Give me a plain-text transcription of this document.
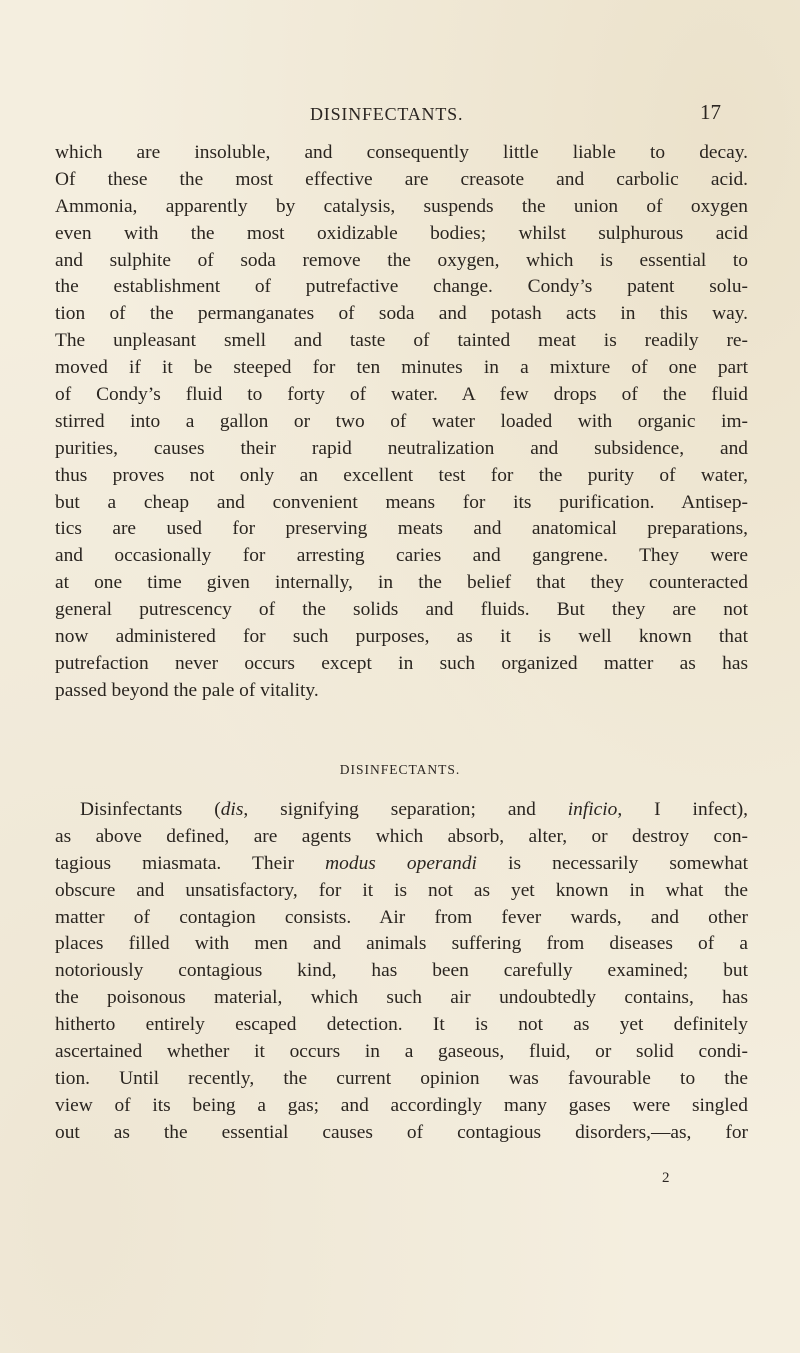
DISINFECTANTS.	17
which are insoluble, and consequently little liable to decay.
Of these the most effective are creasote and carbolic acid.
Ammonia, apparently by catalysis, suspends the union of oxygen
even with the most oxidizable bodies; whilst sulphurous acid
and sulphite of soda remove the oxygen, which is essential to
the establishment of putrefactive change. Condy’s patent solu-
tion of the permanganates of soda and potash acts in this way.
The unpleasant smell and taste of tainted meat is readily re-
moved if it be steeped for ten minutes in a mixture of one part
of Condy’s fluid to forty of water. A few drops of the fluid
stirred into a gallon or two of water loaded with organic im-
purities, causes their rapid neutralization and subsidence, and
thus proves not only an excellent test for the purity of water,
but a cheap and convenient means for its purification. Antisep-
tics are used for preserving meats and anatomical preparations,
and occasionally for arresting caries and gangrene. They were
at one time given internally, in the belief that they counteracted
general putrescency of the solids and fluids. But they are not
now administered for such purposes, as it is well known that
putrefaction never occurs except in such organized matter as has
passed beyond the pale of vitality.
DISINFECTANTS.
Disinfectants (dis, signifying separation; and inficio, I infect),
as above defined, are agents which absorb, alter, or destroy con-
tagious miasmata. Their modus operandi is necessarily somewhat
obscure and unsatisfactory, for it is not as yet known in what the
matter of contagion consists. Air from fever wards, and other
places filled with men and animals suffering from diseases of a
notoriously contagious kind, has been carefully examined; but
the poisonous material, which such air undoubtedly contains, has
hitherto entirely escaped detection. It is not as yet definitely
ascertained whether it occurs in a gaseous, fluid, or solid condi-
tion. Until recently, the current opinion was favourable to the
view of its being a gas; and accordingly many gases were singled
out as the essential causes of contagious disorders,—as, for
2
